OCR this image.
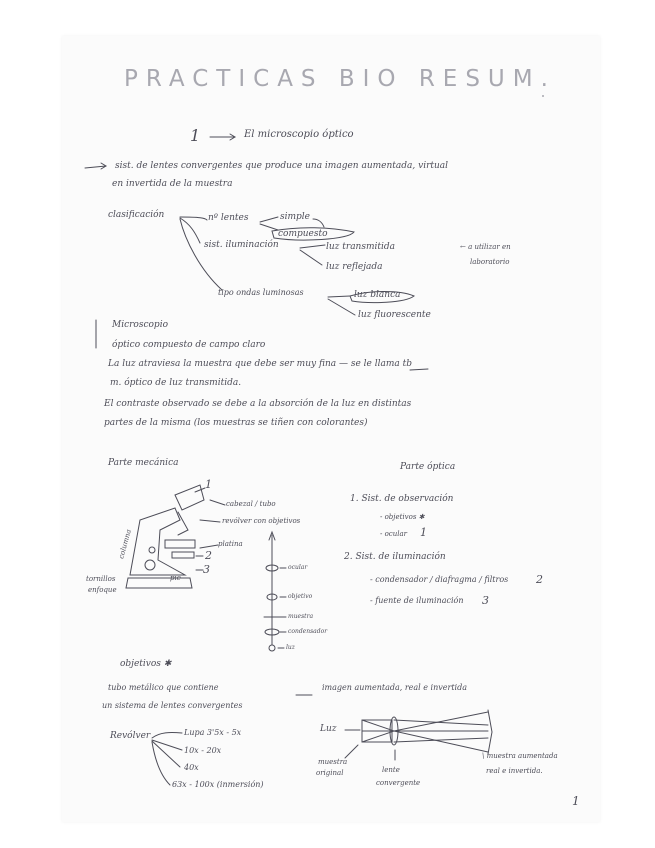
PRACTICAS BIO RESUM.
1	El microscopio óptico
sist. de lentes convergentes que produce una imagen aumentada, virtual
en invertida de la muestra
clasificación	nº lentes	simple
compuesto
sist. iluminación	luz transmitida
luz reflejada
← a utilizar en
laboratorio
tipo ondas luminosas	luz blanca
luz fluorescente
Microscopio
óptico compuesto de campo claro
La luz atraviesa la muestra que debe ser muy fina — se le llama tb
m. óptico de luz transmitida.
El contraste observado se debe a la absorción de la luz en distintas
partes de la misma (los muestras se tiñen con colorantes)
Parte mecánica
cabezal / tubo
revólver con objetivos
platina
columna
pie
tornillos
enfoque
1
2
3	ocular
objetivo
muestra
condensador
luz
Parte óptica
1. Sist. de observación
- objetivos ✱
- ocular 1
2. Sist. de iluminación
- condensador / diafragma / filtros	2
- fuente de iluminación 3
objetivos ✱
tubo metálico que contiene
un sistema de lentes convergentes
imagen aumentada, real e invertida
Revólver	Lupa 3'5x - 5x
10x - 20x
40x
63x - 100x (inmersión)
Luz
muestra
original	lente
convergente
\ muestra aumentada
real e invertida.
1
